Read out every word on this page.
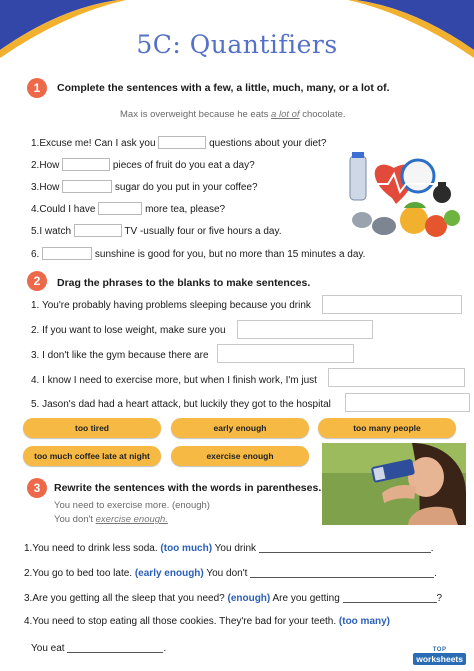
5C: Quantifiers
1	Complete the sentences with a few, a little, much, many, or a lot of.
Max is overweight because he eats a lot of chocolate.
1.Excuse me! Can I ask you	questions about your diet?
2.How	pieces of fruit do you eat a day?
3.How	sugar do you put in your coffee?
4.Could I have	more tea, please?
5.I watch	TV -usually four or five hours a day.
6.	sunshine is good for you, but no more than 15 minutes a day.
2	Drag the phrases to the blanks to make sentences.
1. You're probably having problems sleeping because you drink
2. If you want to lose weight, make sure you
3. I don't like the gym because there are
4. I know I need to exercise more, but when I finish work, I'm just
5. Jason's dad had a heart attack, but luckily they got to the hospital
too tired	early enough	too many people
too much coffee late at night	exercise enough
3	Rewrite the sentences with the words in parentheses.
You need to exercise more. (enough)
You don't exercise enough.
1.You need to drink less soda. (too much) You drink	.
2.You go to bed too late. (early enough) You don't	.
3.Are you getting all the sleep that you need? (enough) Are you getting	?
4.You need to stop eating all those cookies. They're bad for your teeth. (too many)
You eat	.	TOP
worksheets
